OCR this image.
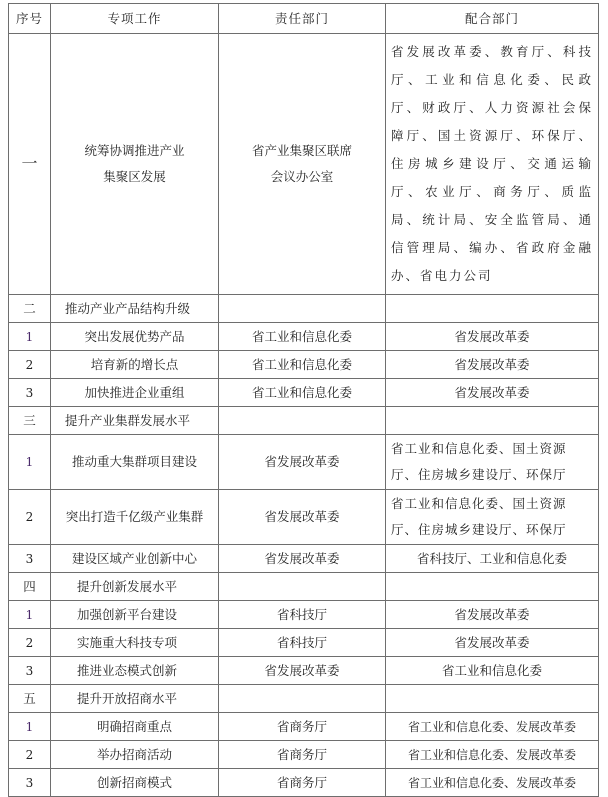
序号	专项工作	责任部门	配合部门
一	统筹协调推进产业集聚区发展	省产业集聚区联席会议办公室	省发展改革委、教育厅、科技厅、工业和信息化委、民政厅、财政厅、人力资源社会保障厅、国土资源厅、环保厅、住房城乡建设厅、交通运输厅、农业厅、商务厅、质监局、统计局、安全监管局、通信管理局、编办、省政府金融办、省电力公司
二	推动产业产品结构升级		
1	突出发展优势产品	省工业和信息化委	省发展改革委
2	培育新的增长点	省工业和信息化委	省发展改革委
3	加快推进企业重组	省工业和信息化委	省发展改革委
三	提升产业集群发展水平		
1	推动重大集群项目建设	省发展改革委	省工业和信息化委、国土资源厅、住房城乡建设厅、环保厅
2	突出打造千亿级产业集群	省发展改革委	省工业和信息化委、国土资源厅、住房城乡建设厅、环保厅
3	建设区域产业创新中心	省发展改革委	省科技厅、工业和信息化委
四	提升创新发展水平		
1	加强创新平台建设	省科技厅	省发展改革委
2	实施重大科技专项	省科技厅	省发展改革委
3	推进业态模式创新	省发展改革委	省工业和信息化委
五	提升开放招商水平		
1	明确招商重点	省商务厅	省工业和信息化委、发展改革委
2	举办招商活动	省商务厅	省工业和信息化委、发展改革委
3	创新招商模式	省商务厅	省工业和信息化委、发展改革委
